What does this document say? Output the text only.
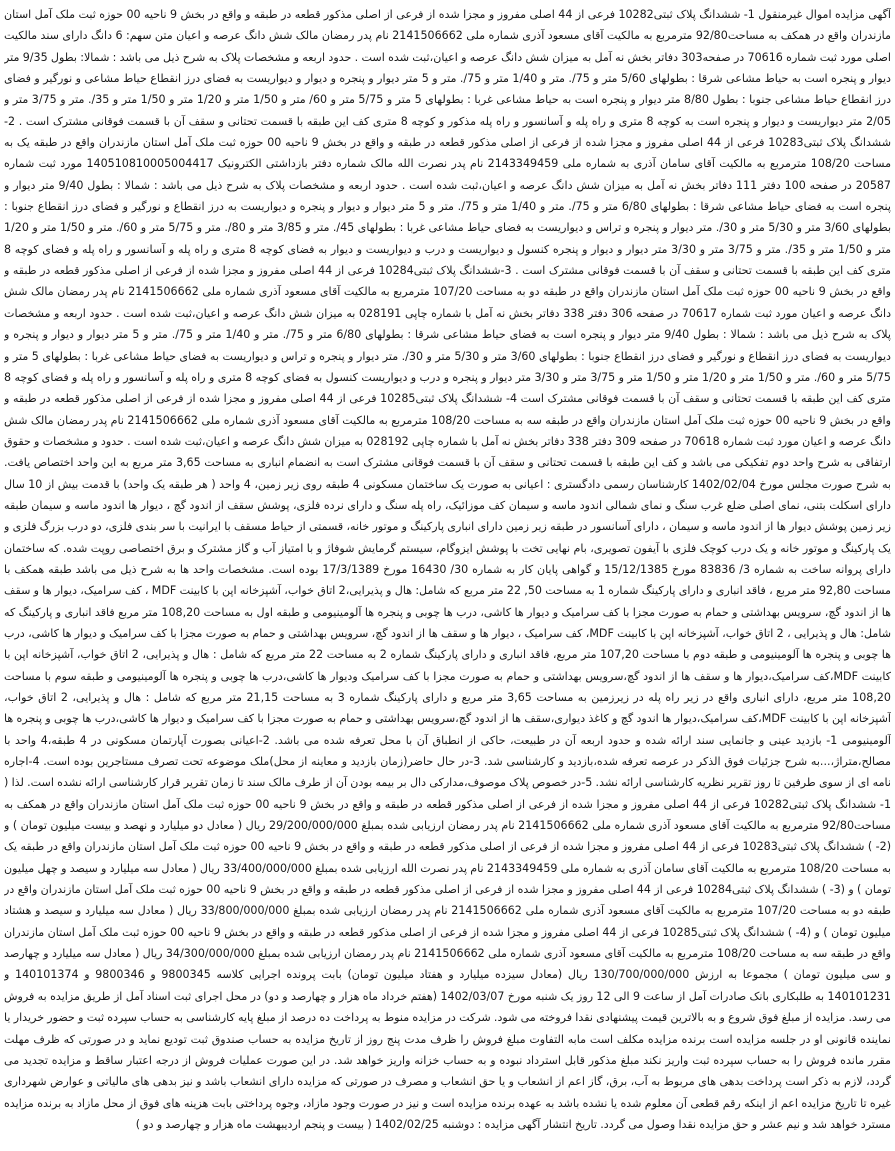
آگهی مزایده اموال غیرمنقول 1- ششدانگ پلاک ثبتی10282 فرعی از 44 اصلی مفروز و مجزا شده از فرعی از اصلی مذکور قطعه در طبقه و واقع در بخش 9 ناحیه 00 حوزه ثبت ملک آمل استان مازندران واقع در همکف به مساحت92/80 مترمربع به مالکیت آقای مسعود آذری شماره ملی 2141506662 نام پدر رمضان مالک شش دانگ عرصه و اعیان متن سهم: 6 دانگ دارای سند مالکیت اصلی مورد ثبت شماره 70616 در صفحه303 دفاتر بخش نه آمل به میزان شش دانگ عرصه و اعیان،ثبت شده است . حدود اربعه و مشخصات پلاک به شرح ذیل می باشد : شمالا: بطول 9/35 متر دیوار و پنجره است به حیاط مشاعی شرقا : بطولهای 5/60 متر و 75/. متر و 1/40 متر و 75/. متر و 5 متر دیوار و پنجره و دیوار و دیواریست به فضای درز انقطاع حیاط مشاعی و نورگیر و فضای درز انقطاع حیاط مشاعی جنوبا : بطول 8/80 متر دیوار و پنجره است به حیاط مشاعی غربا : بطولهای 5 متر و 5/75 متر و 60/ متر و 1/50 متر و 1/20 متر و 1/50 متر و 35/. متر و 3/75 متر و 2/05 متر دیواریست و دیوار و پنجره است به کوچه 8 متری و راه پله و آسانسور و راه پله مذکور و کوچه 8 متری کف این طبقه با قسمت تحتانی و سقف آن با قسمت فوقانی مشترک است . 2-ششدانگ پلاک ثبتی10283 فرعی از 44 اصلی مفروز و مجزا شده از فرعی از اصلی مذکور قطعه در طبقه و واقع در بخش 9 ناحیه 00 حوزه ثبت ملک آمل استان مازندران واقع در طبقه یک به مساحت 108/20 مترمربع به مالکیت آقای سامان آذری به شماره ملی 2143349459 نام پدر نصرت الله مالک شماره دفتر بازداشتی الکترونیک 140510810005004417 مورد ثبت شماره 20587 در صفحه 100 دفتر 111 دفاتر بخش نه آمل به میزان شش دانگ عرصه و اعیان،ثبت شده است . حدود اربعه و مشخصات پلاک به شرح ذیل می باشد : شمالا : بطول 9/40 متر دیوار و پنجره است به فضای حیاط مشاعی شرقا : بطولهای 6/80 متر و 75/. متر و 1/40 متر و 75/. متر و 5 متر دیوار و دیوار و پنجره و دیواریست به درز انقطاع و نورگیر و فضای درز انقطاع جنوبا : بطولهای 3/60 متر و 5/30 متر و 30/. متر دیوار و پنجره و تراس و دیواریست به فضای حیاط مشاعی غربا : بطولهای 45/. متر و 3/85 متر و 80/. متر و 5/75 متر و 60/. متر و 1/50 متر و 1/20 متر و 1/50 متر و 35/. متر و 3/75 متر و 3/30 متر دیوار و دیوار و پنجره کنسول و دیواریست و درب و دیواریست و دیوار به فضای کوچه 8 متری و راه پله و آسانسور و راه پله و فضای کوچه 8 متری کف این طبقه با قسمت تحتانی و سقف آن با قسمت فوقانی مشترک است . 3-ششدانگ پلاک ثبتی10284 فرعی از 44 اصلی مفروز و مجزا شده از فرعی از اصلی مذکور قطعه در طبقه و واقع در بخش 9 ناحیه 00 حوزه ثبت ملک آمل استان مازندران واقع در طبقه دو به مساحت 107/20 مترمربع به مالکیت آقای مسعود آذری شماره ملی 2141506662 نام پدر رمضان مالک شش دانگ عرصه و اعیان مورد ثبت شماره 70617 در صفحه 306 دفتر 338 دفاتر بخش نه آمل با شماره چاپی 028191 به میزان شش دانگ عرصه و اعیان،ثبت شده است . حدود اربعه و مشخصات پلاک به شرح ذیل می باشد : شمالا : بطول 9/40 متر دیوار و پنجره است به فضای حیاط مشاعی شرقا : بطولهای 6/80 متر و 75/. متر و 1/40 متر و 75/. متر و 5 متر دیوار و دیوار و پنجره و دیواریست به فضای درز انقطاع و نورگیر و فضای درز انقطاع جنوبا : بطولهای 3/60 متر و 5/30 متر و 30/. متر دیوار و پنجره و تراس و دیواریست به فضای حیاط مشاعی غربا : بطولهای 5 متر و 5/75 متر و 60/. متر و 1/50 متر و 1/20 متر و 1/50 متر و 3/75 متر و 3/30 متر دیوار و پنجره و درب و دیواریست کنسول به فضای کوچه 8 متری و راه پله و آسانسور و راه پله و فضای کوچه 8 متری کف این طبقه با قسمت تحتانی و سقف آن با قسمت فوقانی مشترک است 4- ششدانگ پلاک ثبتی10285 فرعی از 44 اصلی مفروز و مجزا شده از فرعی از اصلی مذکور قطعه در طبقه و واقع در بخش 9 ناحیه 00 حوزه ثبت ملک آمل استان مازندران واقع در طبقه سه به مساحت 108/20 مترمربع به مالکیت آقای مسعود آذری شماره ملی 2141506662 نام پدر رمضان مالک شش دانگ عرصه و اعیان مورد ثبت شماره 70618 در صفحه 309 دفتر 338 دفاتر بخش نه آمل با شماره چاپی 028192 به میزان شش دانگ عرصه و اعیان،ثبت شده است . حدود و مشخصات و حقوق ارتفاقی به شرح واحد دوم تفکیکی می باشد و کف این طبقه با قسمت تحتانی و سقف آن با قسمت فوقانی مشترک است به انضمام انباری به مساحت 3,65 متر مربع به این واحد اختصاص یافت. به شرح صورت مجلس مورخ 1402/02/04 کارشناسان رسمی دادگستری : اعیانی به صورت یک ساختمان مسکونی 4 طبقه روی زیر زمین، 4 واحد ( هر طبقه یک واحد) با قدمت بیش از 10 سال دارای اسکلت بتنی، نمای اصلی ضلع غرب سنگ و نمای شمالی اندود ماسه و سیمان کف موزائیک، راه پله سنگ و دارای نرده فلزی، پوشش سقف از اندود گچ ، دیوار ها اندود ماسه و سیمان طبقه زیر زمین پوشش دیوار ها از اندود ماسه و سیمان ، دارای آسانسور در طبقه زیر زمین دارای انباری پارکینگ و موتور خانه، قسمتی از حیاط مسقف با ایرانیت با سر بندی فلزی، دو درب بزرگ فلزی و یک پارکینگ و موتور خانه و یک درب کوچک فلزی با آیفون تصویری، بام نهایی تخت با پوشش ایزوگام، سیستم گرمایش شوفاژ و با امتیاز آب و گاز مشترک و برق اختصاصی روپت شده. که ساختمان دارای پروانه ساخت به شماره 3/ 83836 مورخ 15/12/1385 و گواهی پایان کار به شماره 30/ 16430 مورخ 17/3/1389 بوده است. مشخصات واحد ها به شرح ذیل می باشد طبقه همکف با مساحت 92,80 متر مربع ، فاقد انباری و دارای پارکینگ شماره 1 به مساحت 50, 22 متر مربع که شامل: هال و پذیرایی،2 اتاق خواب، آشپزخانه اپن با کابینت MDF ، کف سرامیک، دیوار ها و سقف ها از اندود گچ، سرویس بهداشتی و حمام به صورت مجزا با کف سرامیک و دیوار ها کاشی، درب ها چوبی و پنجره ها آلومینیومی و طبقه اول به مساحت 108,20 متر مربع فاقد انباری و پارکینگ که شامل: هال و پذیرایی ، 2 اتاق خواب، آشپزخانه اپن با کابینت MDF، کف سرامیک ، دیوار ها و سقف ها از اندود گچ، سرویس بهداشتی و حمام به صورت مجزا با کف سرامیک و دیوار ها کاشی، درب ها چوبی و پنجره ها آلومینیومی و طبقه دوم با مساحت 107,20 متر مربع، فاقد انباری و دارای پارکینگ شماره 2 به مساحت 22 متر مربع که شامل : هال و پذیرایی، 2 اتاق خواب، آشپزخانه اپن با کابینت MDF،کف سرامیک،دیوار ها و سقف ها از اندود گچ،سرویس بهداشتی و حمام به صورت مجزا با کف سرامیک ودیوار ها کاشی،درب ها چوبی و پنجره ها آلومینیومی و طبقه سوم با مساحت 108,20 متر مربع، دارای انباری واقع در زیر راه پله در زیرزمین به مساحت 3,65 متر مربع و دارای پارکینگ شماره 3 به مساحت 21,15 متر مربع که شامل : هال و پذیرایی، 2 اتاق خواب، آشپزخانه اپن با کابینت MDF،کف سرامیک،دیوار ها اندود گچ و کاغذ دیواری،سقف ها از اندود گچ،سرویس بهداشتی و حمام به صورت مجزا با کف سرامیک و دیوار ها کاشی،درب ها چوبی و پنجره ها آلومینیومی 1- بازدید عینی و جانمایی سند ارائه شده و حدود اربعه آن در طبیعت، حاکی از انطباق آن با محل تعرفه شده می باشد. 2-اعیانی بصورت آپارتمان مسکونی در 4 طبقه،4 واحد با مصالح،متراژ،...به شرح جزئیات فوق الذکر در عرصه تعرفه شده،بازدید و کارشناسی شد. 3-در حال حاضر(زمان بازدید و معاینه از محل)ملک موضوعه تحت تصرف مستاجرین بوده است. 4-اجاره نامه ای از سوی طرفین تا روز تقریر نظریه کارشناسی ارائه نشد. 5-در خصوص پلاک موصوف،مدارکی دال بر بیمه بودن آن از طرف مالک سند تا زمان تقریر قرار کارشناسی ارائه نشده است. لذا ( 1- ششدانگ پلاک ثبتی10282 فرعی از 44 اصلی مفروز و مجزا شده از فرعی از اصلی مذکور قطعه در طبقه و واقع در بخش 9 ناحیه 00 حوزه ثبت ملک آمل استان مازندران واقع در همکف به مساحت92/80 مترمربع به مالکیت آقای مسعود آذری شماره ملی 2141506662 نام پدر رمضان ارزیابی شده بمبلغ 29/200/000/000 ریال ( معادل دو میلیارد و نهصد و بیست میلیون تومان ) و (2- ) ششدانگ پلاک ثبتی10283 فرعی از 44 اصلی مفروز و مجزا شده از فرعی از اصلی مذکور قطعه در طبقه و واقع در بخش 9 ناحیه 00 حوزه ثبت ملک آمل استان مازندران واقع در طبقه یک به مساحت 108/20 مترمربع به مالکیت آقای سامان آذری به شماره ملی 2143349459 نام پدر نصرت الله ارزیابی شده بمبلغ 33/400/000/000 ریال ( معادل سه میلیارد و سیصد و چهل میلیون تومان ) و (3- ) ششدانگ پلاک ثبتی10284 فرعی از 44 اصلی مفروز و مجزا شده از فرعی از اصلی مذکور قطعه در طبقه و واقع در بخش 9 ناحیه 00 حوزه ثبت ملک آمل استان مازندران واقع در طبقه دو به مساحت 107/20 مترمربع به مالکیت آقای مسعود آذری شماره ملی 2141506662 نام پدر رمضان ارزیابی شده بمبلغ 33/800/000/000 ریال ( معادل سه میلیارد و سیصد و هشتاد میلیون تومان ) و (4- ) ششدانگ پلاک ثبتی10285 فرعی از 44 اصلی مفروز و مجزا شده از فرعی از اصلی مذکور قطعه در طبقه و واقع در بخش 9 ناحیه 00 حوزه ثبت ملک آمل استان مازندران واقع در طبقه سه به مساحت 108/20 مترمربع به مالکیت آقای مسعود آذری شماره ملی 2141506662 نام پدر رمضان ارزیابی شده بمبلغ 34/300/000/000 ریال ( معادل سه میلیارد و چهارصد و سی میلیون تومان ) مجموعا به ارزش 130/700/000/000 ریال (معادل سیزده میلیارد و هفتاد میلیون تومان) بابت پرونده اجرایی کلاسه 9800345 و 9800346 و 140101374 و 140101231 به طلبکاری بانک صادرات آمل از ساعت 9 الی 12 روز یک شنبه مورخ 1402/03/07 (هفتم خرداد ماه هزار و چهارصد و دو) در محل اجرای ثبت اسناد آمل از طریق مزایده به فروش می رسد. مزایده از مبلغ فوق شروع و به بالاترین قیمت پیشنهادی نقدا فروخته می شود. شرکت در مزایده منوط به پرداخت ده درصد از مبلغ پایه کارشناسی به حساب سپرده ثبت و حضور خریدار یا نماینده قانونی او در جلسه مزایده است برنده مزایده مکلف است مابه التفاوت مبلغ فروش را ظرف مدت پنج روز از تاریخ مزایده به حساب صندوق ثبت تودیع نماید و در صورتی که ظرف مهلت مقرر مانده فروش را به حساب سپرده ثبت واریز نکند مبلغ مذکور قابل استرداد نبوده و به حساب خزانه واریز خواهد شد. در این صورت عملیات فروش از درجه اعتبار ساقط و مزایده تجدید می گردد، لازم به ذکر است پرداخت بدهی های مربوط به آب، برق، گاز اعم از انشعاب و یا حق انشعاب و مصرف در صورتی که مزایده دارای انشعاب باشد و نیز بدهی های مالیاتی و عوارض شهرداری غیره تا تاریخ مزایده اعم از اینکه رقم قطعی آن معلوم شده یا نشده باشد به عهده برنده مزایده است و نیز در صورت وجود مازاد، وجوه پرداختی بابت هزینه های فوق از محل مازاد به برنده مزایده مسترد خواهد شد و نیم عشر و حق مزایده نقدا وصول می گردد. تاریخ انتشار آگهی مزایده : دوشنبه 1402/02/25 ( بیست و پنجم اردیبهشت ماه هزار و چهارصد و دو )
